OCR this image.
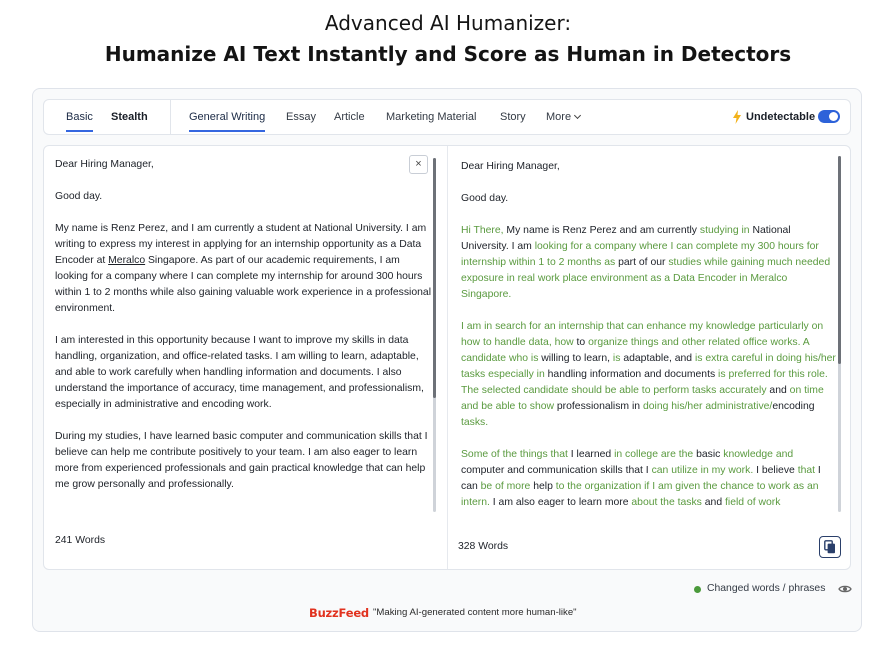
Advanced AI Humanizer:
Humanize AI Text Instantly and Score as Human in Detectors
Basic Stealth	General Writing Essay Article Marketing Material Story More	Undetectable
Dear Hiring Manager,
Good day.
My name is Renz Perez, and I am currently a student at National University. I am writing to express my interest in applying for an internship opportunity as a Data Encoder at Meralco Singapore. As part of our academic requirements, I am looking for a company where I can complete my internship for around 300 hours within 1 to 2 months while also gaining valuable work experience in a professional environment.
I am interested in this opportunity because I want to improve my skills in data handling, organization, and office-related tasks. I am willing to learn, adaptable, and able to work carefully when handling information and documents. I also understand the importance of accuracy, time management, and professionalism, especially in administrative and encoding work.
During my studies, I have learned basic computer and communication skills that I believe can help me contribute positively to your team. I am also eager to learn more from experienced professionals and gain practical knowledge that can help me grow personally and professionally.
×
241 Words
Dear Hiring Manager,
Good day.
Hi There, My name is Renz Perez and am currently studying in National University. I am looking for a company where I can complete my 300 hours for internship within 1 to 2 months as part of our studies while gaining much needed exposure in real work place environment as a Data Encoder in Meralco Singapore.
I am in search for an internship that can enhance my knowledge particularly on how to handle data, how to organize things and other related office works. A candidate who is willing to learn, is adaptable, and is extra careful in doing his/her tasks especially in handling information and documents is preferred for this role. The selected candidate should be able to perform tasks accurately and on time and be able to show professionalism in doing his/her administrative/encoding tasks.
Some of the things that I learned in college are the basic knowledge and computer and communication skills that I can utilize in my work. I believe that I can be of more help to the organization if I am given the chance to work as an intern. I am also eager to learn more about the tasks and field of work
328 Words
Changed words / phrases
BuzzFeed "Making AI-generated content more human-like"
